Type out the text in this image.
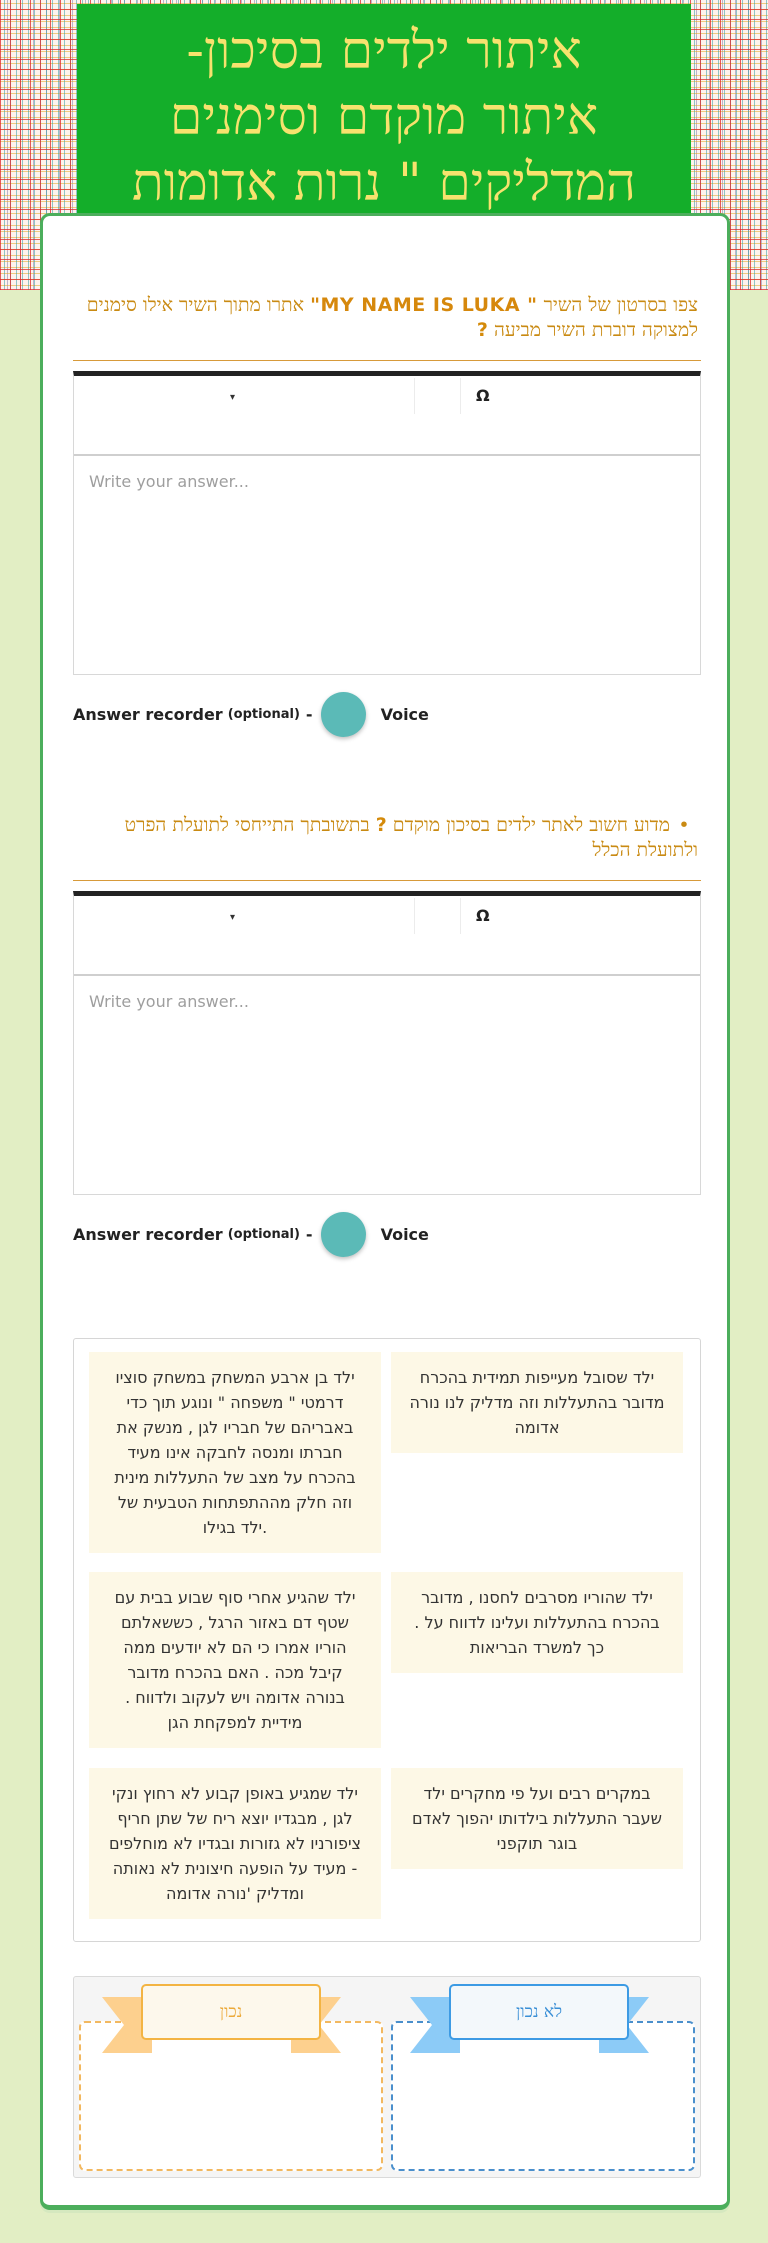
איתור ילדים בסיכון-
איתור מוקדם וסימנים
המדליקים " נרות אדומות
צפו בסרטון של השיר " MY NAME IS LUKA" אתרו מתוך השיר אילו סימנים למצוקה דוברת השיר מביעה ?
▾	Ω
Write your answer...
Answer recorder (optional) -	Voice
•מדוע חשוב לאתר ילדים בסיכון מוקדם ? בתשובתך התייחסי לתועלת הפרט ולתועלת הכלל
▾	Ω
Write your answer...
Answer recorder (optional) -	Voice
ילד שסובל מעייפות תמידית בהכרח מדובר בהתעללות וזה מדליק לנו נורה אדומה
ילד בן ארבע המשחק במשחק סוציו דרמטי " משפחה " ונוגע תוך כדי באבריהם של חבריו לגן , מנשק את חברתו ומנסה לחבקה אינו מעיד בהכרח על מצב של התעללות מינית וזה חלק מההתפתחות הטבעית של .ילד בגילו
ילד שהוריו מסרבים לחסנו , מדובר בהכרח בהתעללות ועלינו לדווח על . כך למשרד הבריאות
ילד שהגיע אחרי סוף שבוע בבית עם שטף דם באזור הרגל , כששאלתם הוריו אמרו כי הם לא יודעים ממה קיבל מכה . האם בהכרח מדובר בנורה אדומה ויש לעקוב ולדווח . מידיית למפקחת הגן
במקרים רבים ועל פי מחקרים ילד שעבר התעללות בילדותו יהפוך לאדם בוגר תוקפני
ילד שמגיע באופן קבוע לא רחוץ ונקי לגן , מבגדיו יוצא ריח של שתן חריף ציפורניו לא גזורות ובגדיו לא מוחלפים - מעיד על הופעה חיצונית לא נאותה ומדליק 'נורה אדומה
נכון	לא נכון
